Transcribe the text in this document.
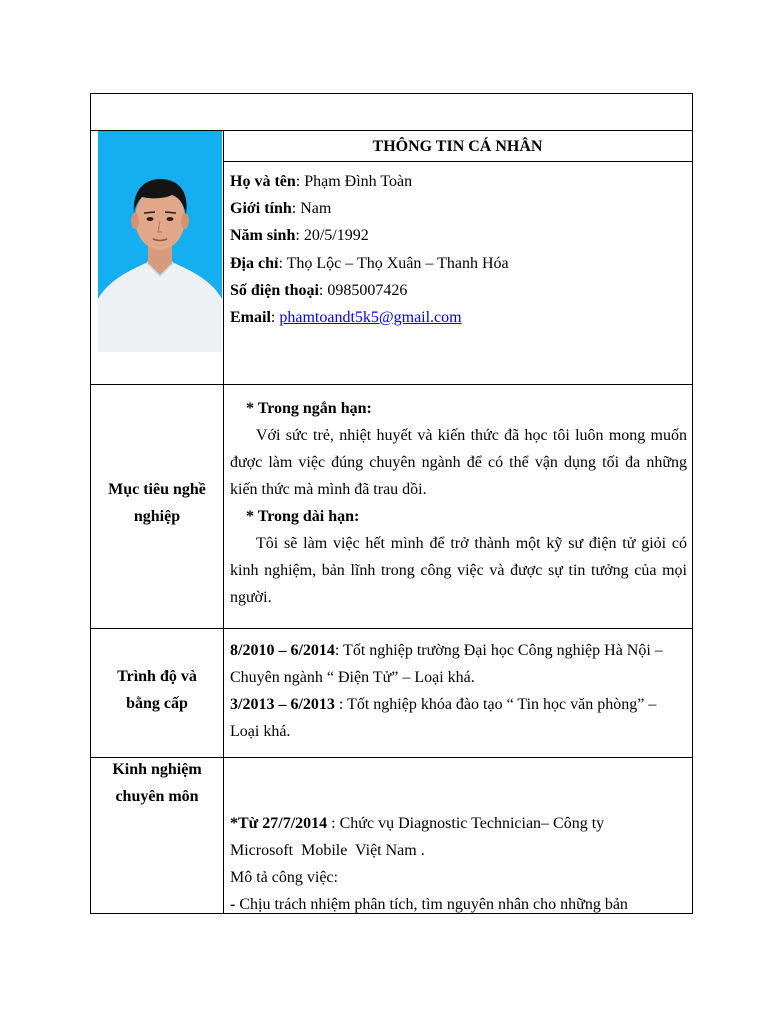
THÔNG TIN CÁ NHÂN
Họ và tên: Phạm Đình Toàn
Giới tính: Nam
Năm sinh: 20/5/1992
Địa chỉ: Thọ Lộc – Thọ Xuân – Thanh Hóa
Số điện thoại: 0985007426
Email: phamtoandt5k5@gmail.com
Mục tiêu nghề
nghiệp
* Trong ngắn hạn:
Với sức trẻ, nhiệt huyết và kiến thức đã học tôi luôn mong muốn được làm việc đúng chuyên ngành để có thể vận dụng tối đa những kiến thức mà mình đã trau dồi.
* Trong dài hạn:
Tôi sẽ làm việc hết mình để trở thành một kỹ sư điện tử giỏi có kinh nghiệm, bản lĩnh trong công việc và được sự tin tưởng của mọi người.
Trình độ và
bằng cấp
8/2010 – 6/2014: Tốt nghiệp trường Đại học Công nghiệp Hà Nội – Chuyên ngành “ Điện Tử” – Loại khá.
3/2013 – 6/2013 : Tốt nghiệp khóa đào tạo “ Tin học văn phòng” – Loại khá.
Kinh nghiệm
chuyên môn
*Từ 27/7/2014 : Chức vụ Diagnostic Technician– Công ty
Microsoft  Mobile  Việt Nam .
Mô tả công việc:
- Chịu trách nhiệm phân tích, tìm nguyên nhân cho những bản
